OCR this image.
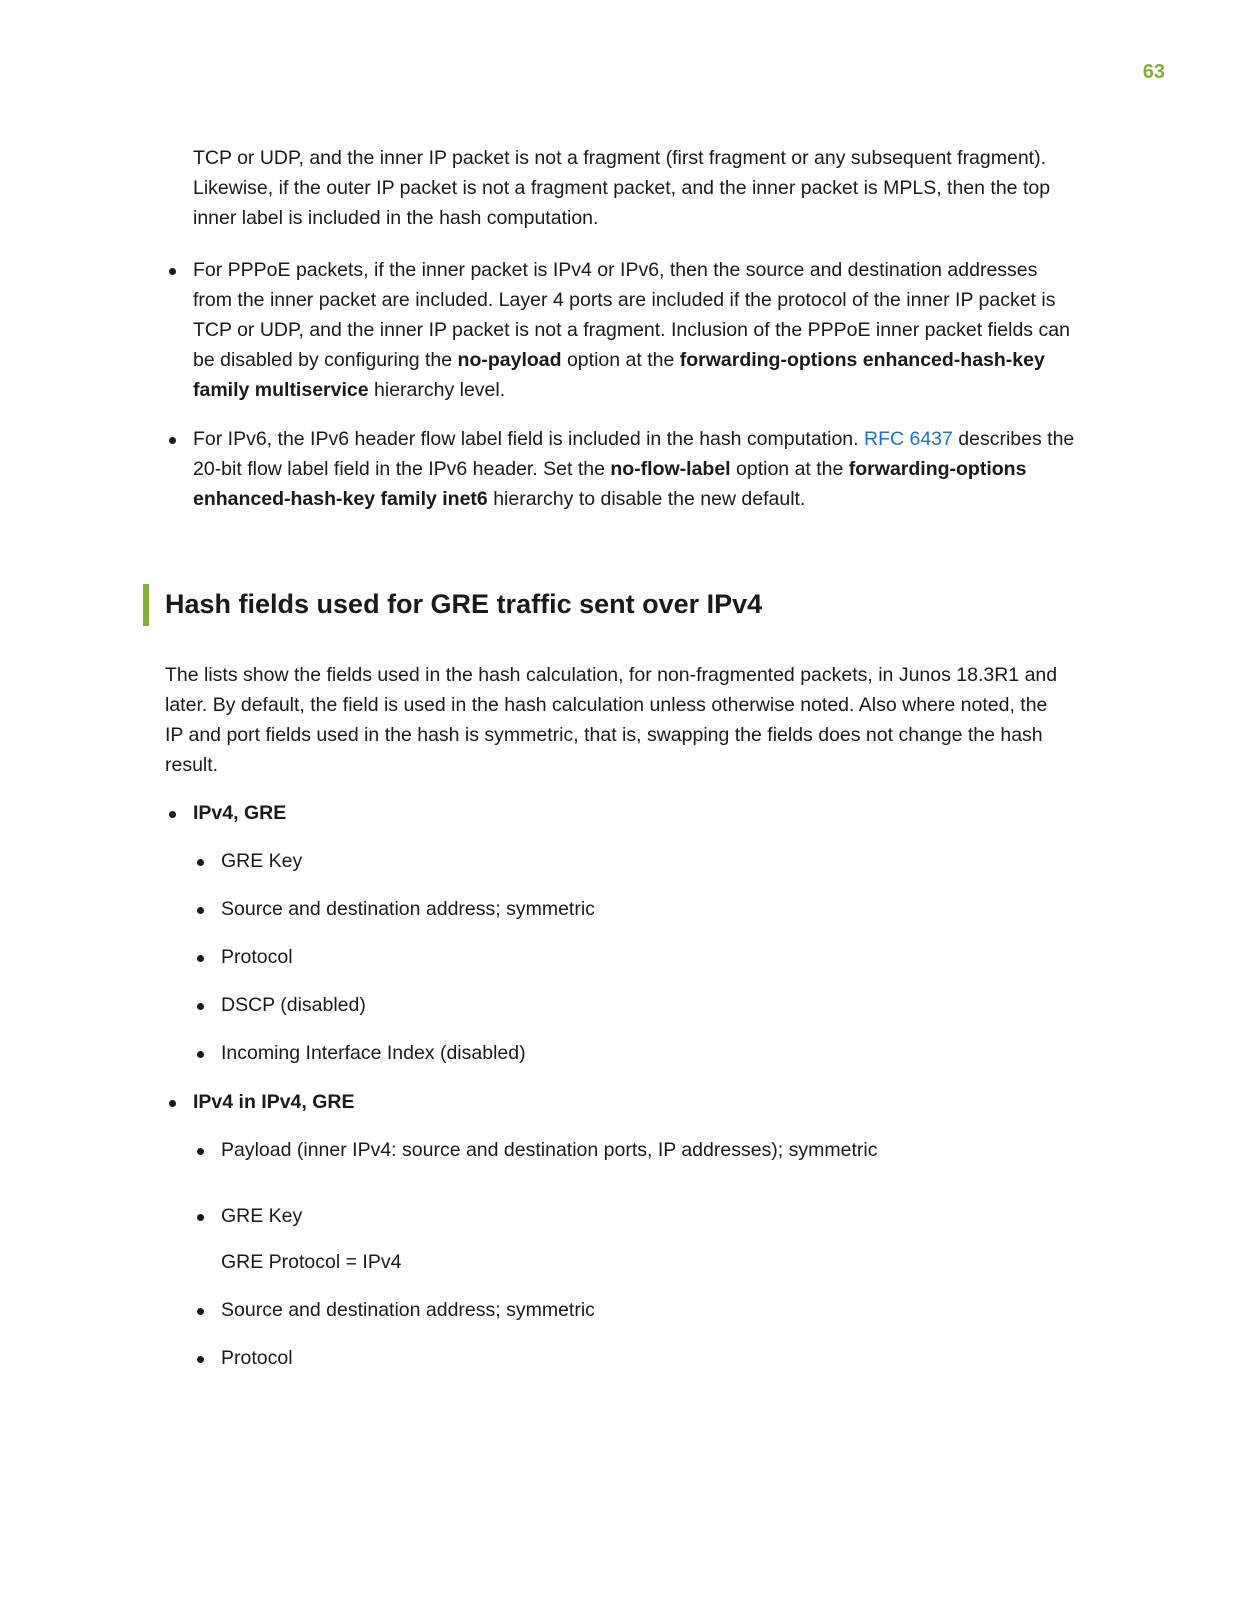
63

TCP or UDP, and the inner IP packet is not a fragment (first fragment or any subsequent fragment). Likewise, if the outer IP packet is not a fragment packet, and the inner packet is MPLS, then the top inner label is included in the hash computation.

For PPPoE packets, if the inner packet is IPv4 or IPv6, then the source and destination addresses from the inner packet are included. Layer 4 ports are included if the protocol of the inner IP packet is TCP or UDP, and the inner IP packet is not a fragment. Inclusion of the PPPoE inner packet fields can be disabled by configuring the no-payload option at the forwarding-options enhanced-hash-key family multiservice hierarchy level.
For IPv6, the IPv6 header flow label field is included in the hash computation. RFC 6437 describes the 20-bit flow label field in the IPv6 header. Set the no-flow-label option at the forwarding-options enhanced-hash-key family inet6 hierarchy to disable the new default.
Hash fields used for GRE traffic sent over IPv4

The lists show the fields used in the hash calculation, for non-fragmented packets, in Junos 18.3R1 and later. By default, the field is used in the hash calculation unless otherwise noted. Also where noted, the IP and port fields used in the hash is symmetric, that is, swapping the fields does not change the hash result.

IPv4, GRE
GRE Key
Source and destination address; symmetric
Protocol
DSCP (disabled)
Incoming Interface Index (disabled)
IPv4 in IPv4, GRE
Payload (inner IPv4: source and destination ports, IP addresses); symmetric
GRE Key
GRE Protocol = IPv4
Source and destination address; symmetric
Protocol
